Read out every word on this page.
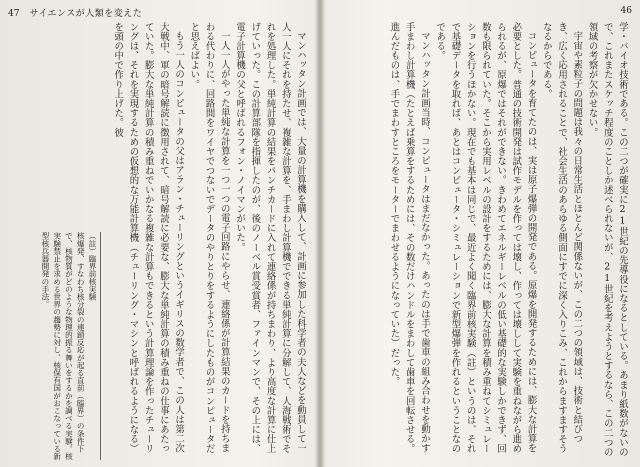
47 サイエンスが人類を変えた

マンハッタン計画では、大量の計算機を購入して、計画に参加した科学者の夫人などを動員して一人一人にそれを持たせ、複雑な計算を、手まわし計算機でできる単純計算に分解して、人海戦術でそれを処理した。単純計算の結果をパンチカードに入れて連絡係が持ちまわり、より高度な計算に仕上げていった。この計算部隊を指揮したのが、後のノーベル賞受賞者、ファインマンで、その上には、電子計算機の父と呼ばれるフォン・ノイマンがいた。

一人一人がやった単純な計算を一つ一つの電子回路にやらせ、連絡係が計算結果のカードを持ちまわる代わりに、回路間をワイヤでつないでデータのやりとりをするようにしたものがコンピュータだと思えばよい。

もう一人のコンピュータの父はアラン・チューリングというイギリスの数学者で、この人は第二次大戦中、軍の暗号解読に徴用されて、暗号解読に必要な、膨大な単純計算の積み重ねの仕事にあたっていた。膨大な単純計算の積み重ねでいかなる複雑な計算もできるという計算理論を作ったチューリングは、それを実現するための仮想的な万能計算機（チューリング・マシンと呼ばれるようになる）を頭の中で作り上げた。彼

（註）臨界前核実験

核爆発、すなわち核分裂の連鎖反応が起る直前（臨界）の条件下で、核物質がどのような物理的振る舞いをするかを調べる実験。核実験禁止を求める世界の趨勢に対し、核保有国がおこなっている新型核兵器開発の手法。

46

学・バイオ技術である。この二つが確実に21世紀の先導役になるとしている。あまり紙数がないので、これまたスケッチ程度のことしか述べられないが、21世紀を考えようとするなら、この二つの領域の考察が欠かせない。

宇宙や素粒子の問題は我々の日常生活とほとんど関係ないが、この二つの領域は、技術と結びつき、広く応用されることで、社会生活のあらゆる側面にすでに深く入りこみ、これからますますそうなるからである。

コンピュータを育てたのは、実は原子爆弾の開発である。原爆を開発するためには、膨大な計算を必要とした。普通の技術開発は試作モデルを作っては壊し、作っては壊しして実験を重ねながら進められるが、原爆ではそれができない。きわめてエネルギーレベルの低い基礎的な実験しかできず、回数も限られていた。そこから実用レベルの設計をするためには、膨大な計算を積み重ねてシミュレーションを行うほかない。現在でも基本は同じで、最近よく聞く臨界前核実験（註）というのは、それで基礎データを取れば、あとはコンピュータ・シミュレーションで新型爆弾を作れるということなのである。

マンハッタン計画当時、コンピュータはまだなかった。あったのは手で歯車の組み合わせを動かす手まわし計算機（たとえば乗算をするためには、その数だけハンドルをまわして歯車を回転させる。進んだものは、手でまわすところをモーターでまわせるようになっていた）だった。
